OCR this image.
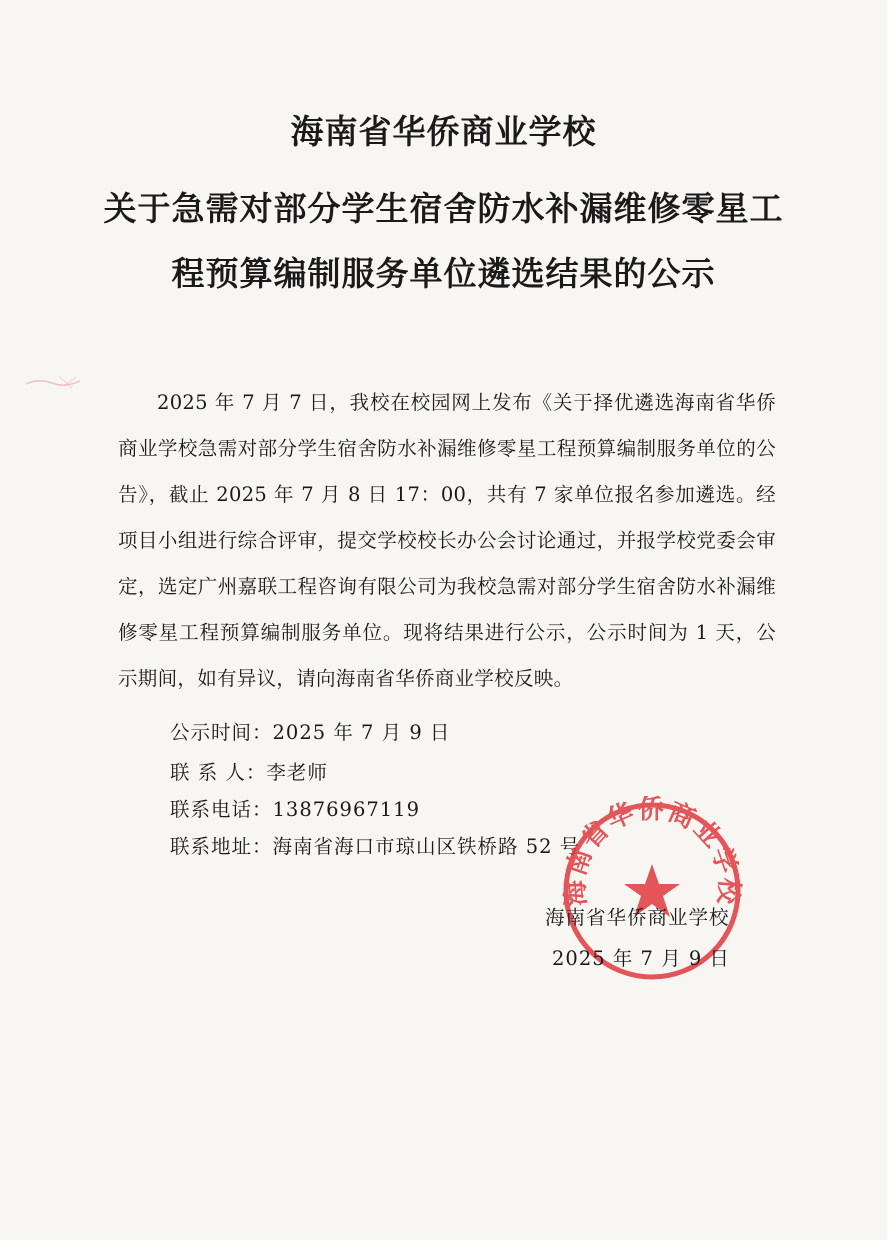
海南省华侨商业学校
关于急需对部分学生宿舍防水补漏维修零星工
程预算编制服务单位遴选结果的公示
2025 年 7 月 7 日，我校在校园网上发布《关于择优遴选海南省华侨商业学校急需对部分学生宿舍防水补漏维修零星工程预算编制服务单位的公告》，截止 2025 年 7 月 8 日 17：00，共有 7 家单位报名参加遴选。经项目小组进行综合评审，提交学校校长办公会讨论通过，并报学校党委会审定，选定广州嘉联工程咨询有限公司为我校急需对部分学生宿舍防水补漏维修零星工程预算编制服务单位。现将结果进行公示，公示时间为 1 天，公示期间，如有异议，请向海南省华侨商业学校反映。
公示时间：2025 年 7 月 9 日
联 系 人：李老师
联系电话：13876967119
联系地址：海南省海口市琼山区铁桥路 52 号
海南省华侨商业学校
海南省华侨商业学校
2025 年 7 月 9 日
